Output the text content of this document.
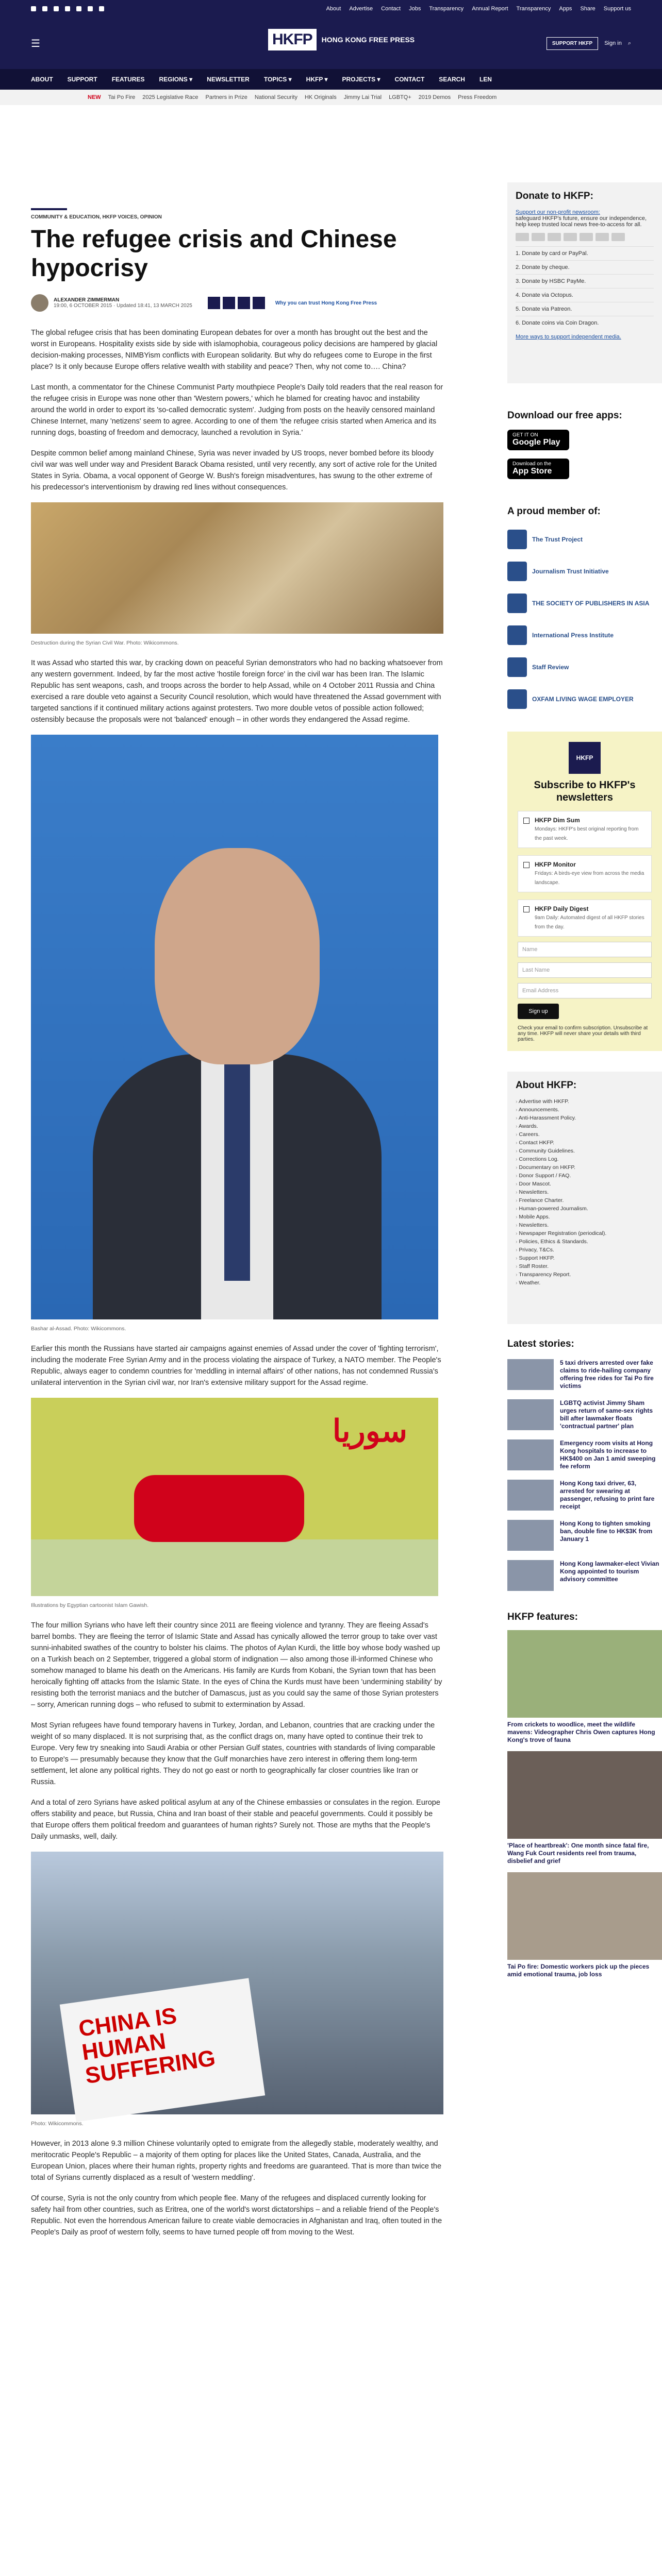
About Advertise Contact Jobs Transparency Annual Report Transparency Apps Share Support us
☰	HKFP	HONG KONG FREE PRESS	SUPPORT HKFP	Sign in ⌕
ABOUT SUPPORT FEATURES REGIONS ▾ NEWSLETTER TOPICS ▾ HKFP ▾ PROJECTS ▾ CONTACT SEARCH LEN
NEW Tai Po Fire 2025 Legislative Race Partners in Prize National Security HK Originals Jimmy Lai Trial LGBTQ+ 2019 Demos Press Freedom
COMMUNITY & EDUCATION, HKFP VOICES, OPINION
The refugee crisis and Chinese hypocrisy
ALEXANDER ZIMMERMAN
19:00, 6 OCTOBER 2015 · Updated 18:41, 13 MARCH 2025	Why you can trust Hong Kong Free Press

The global refugee crisis that has been dominating European debates for over a month has brought out the best and the worst in Europeans. Hospitality exists side by side with islamophobia, courageous policy decisions are hampered by glacial decision-making processes, NIMBYism conflicts with European solidarity. But why do refugees come to Europe in the first place? Is it only because Europe offers relative wealth with stability and peace? Then, why not come to…. China?

Last month, a commentator for the Chinese Communist Party mouthpiece People's Daily told readers that the real reason for the refugee crisis in Europe was none other than 'Western powers,' which he blamed for creating havoc and instability around the world in order to export its 'so-called democratic system'. Judging from posts on the heavily censored mainland Chinese Internet, many 'netizens' seem to agree. According to one of them 'the refugee crisis started when America and its running dogs, boasting of freedom and democracy, launched a revolution in Syria.'

Despite common belief among mainland Chinese, Syria was never invaded by US troops, never bombed before its bloody civil war was well under way and President Barack Obama resisted, until very recently, any sort of active role for the United States in Syria. Obama, a vocal opponent of George W. Bush's foreign misadventures, has swung to the other extreme of his predecessor's interventionism by drawing red lines without consequences.

Destruction during the Syrian Civil War. Photo: Wikicommons.

It was Assad who started this war, by cracking down on peaceful Syrian demonstrators who had no backing whatsoever from any western government. Indeed, by far the most active 'hostile foreign force' in the civil war has been Iran. The Islamic Republic has sent weapons, cash, and troops across the border to help Assad, while on 4 October 2011 Russia and China exercised a rare double veto against a Security Council resolution, which would have threatened the Assad government with targeted sanctions if it continued military actions against protesters. Two more double vetos of possible action followed; ostensibly because the proposals were not 'balanced' enough – in other words they endangered the Assad regime.

Bashar al-Assad. Photo: Wikicommons.

Earlier this month the Russians have started air campaigns against enemies of Assad under the cover of 'fighting terrorism', including the moderate Free Syrian Army and in the process violating the airspace of Turkey, a NATO member. The People's Republic, always eager to condemn countries for 'meddling in internal affairs' of other nations, has not condemned Russia's unilateral intervention in the Syrian civil war, nor Iran's extensive military support for the Assad regime.

سوريا
Illustrations by Egyptian cartoonist Islam Gawish.

The four million Syrians who have left their country since 2011 are fleeing violence and tyranny. They are fleeing Assad's barrel bombs. They are fleeing the terror of Islamic State and Assad has cynically allowed the terror group to take over vast sunni-inhabited swathes of the country to bolster his claims. The photos of Aylan Kurdi, the little boy whose body washed up on a Turkish beach on 2 September, triggered a global storm of indignation — also among those ill-informed Chinese who somehow managed to blame his death on the Americans. His family are Kurds from Kobani, the Syrian town that has been heroically fighting off attacks from the Islamic State. In the eyes of China the Kurds must have been 'undermining stability' by resisting both the terrorist maniacs and the butcher of Damascus, just as you could say the same of those Syrian protesters – sorry, American running dogs – who refused to submit to extermination by Assad.

Most Syrian refugees have found temporary havens in Turkey, Jordan, and Lebanon, countries that are cracking under the weight of so many displaced. It is not surprising that, as the conflict drags on, many have opted to continue their trek to Europe. Very few try sneaking into Saudi Arabia or other Persian Gulf states, countries with standards of living comparable to Europe's — presumably because they know that the Gulf monarchies have zero interest in offering them long-term settlement, let alone any political rights. They do not go east or north to geographically far closer countries like Iran or Russia.

And a total of zero Syrians have asked political asylum at any of the Chinese embassies or consulates in the region. Europe offers stability and peace, but Russia, China and Iran boast of their stable and peaceful governments. Could it possibly be that Europe offers them political freedom and guarantees of human rights? Surely not. Those are myths that the People's Daily unmasks, well, daily.

CHINA IS HUMAN SUFFERING
Photo: Wikicommons.

However, in 2013 alone 9.3 million Chinese voluntarily opted to emigrate from the allegedly stable, moderately wealthy, and meritocratic People's Republic – a majority of them opting for places like the United States, Canada, Australia, and the European Union, places where their human rights, property rights and freedoms are guaranteed. That is more than twice the total of Syrians currently displaced as a result of 'western meddling'.

Of course, Syria is not the only country from which people flee. Many of the refugees and displaced currently looking for safety hail from other countries, such as Eritrea, one of the world's worst dictatorships – and a reliable friend of the People's Republic. Not even the horrendous American failure to create viable democracies in Afghanistan and Iraq, often touted in the People's Daily as proof of western folly, seems to have turned people off from moving to the West.

Donate to HKFP:
Support our non-profit newsroom:
safeguard HKFP's future, ensure our independence, help keep trusted local news free-to-access for all.
1. Donate by card or PayPal.
2. Donate by cheque.
3. Donate by HSBC PayMe.
4. Donate via Octopus.
5. Donate via Patreon.
6. Donate coins via Coin Dragon.
More ways to support independent media.
Download our free apps:
GET IT ON
Google Play
Download on the
App Store
A proud member of:
The Trust Project
Journalism Trust Initiative
THE SOCIETY OF PUBLISHERS IN ASIA
International Press Institute
Staff Review
OXFAM LIVING WAGE EMPLOYER
HKFP
Subscribe to HKFP's newsletters
HKFP Dim Sum
Mondays: HKFP's best original reporting from the past week.
HKFP Monitor
Fridays: A birds-eye view from across the media landscape.
HKFP Daily Digest
9am Daily: Automated digest of all HKFP stories from the day.
Name
Last Name
Email Address
Sign up
Check your email to confirm subscription. Unsubscribe at any time. HKFP will never share your details with third parties.
About HKFP:
› Advertise with HKFP.
› Announcements.
› Anti-Harassment Policy.
› Awards.
› Careers.
› Contact HKFP.
› Community Guidelines.
› Corrections Log.
› Documentary on HKFP.
› Donor Support / FAQ.
› Door Mascot.
› Newsletters.
› Freelance Charter.
› Human-powered Journalism.
› Mobile Apps.
› Newsletters.
› Newspaper Registration (periodical).
› Policies, Ethics & Standards.
› Privacy, T&Cs.
› Support HKFP.
› Staff Roster.
› Transparency Report.
› Weather.
Latest stories:
5 taxi drivers arrested over fake claims to ride-hailing company offering free rides for Tai Po fire victims
LGBTQ activist Jimmy Sham urges return of same-sex rights bill after lawmaker floats 'contractual partner' plan
Emergency room visits at Hong Kong hospitals to increase to HK$400 on Jan 1 amid sweeping fee reform
Hong Kong taxi driver, 63, arrested for swearing at passenger, refusing to print fare receipt
Hong Kong to tighten smoking ban, double fine to HK$3K from January 1
Hong Kong lawmaker-elect Vivian Kong appointed to tourism advisory committee
HKFP features:
From crickets to woodlice, meet the wildlife mavens: Videographer Chris Owen captures Hong Kong's trove of fauna
'Place of heartbreak': One month since fatal fire, Wang Fuk Court residents reel from trauma, disbelief and grief
Tai Po fire: Domestic workers pick up the pieces amid emotional trauma, job loss
